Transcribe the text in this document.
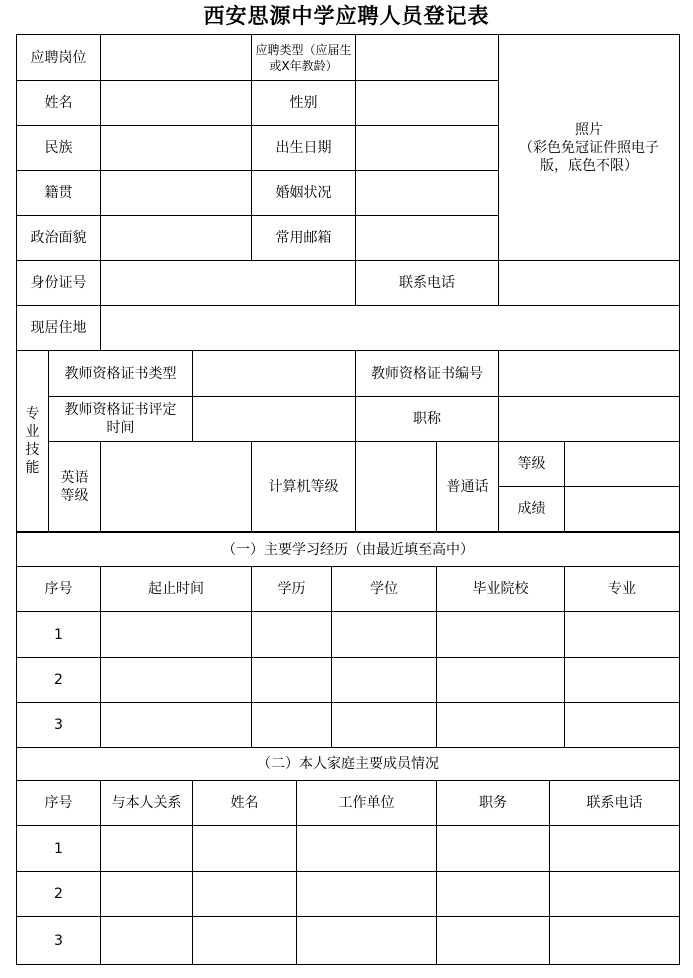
西安思源中学应聘人员登记表
应聘岗位		应聘类型（应届生或X年教龄）		照片
（彩色免冠证件照电子版，底色不限）

姓名		性别		
民族		出生日期		
籍贯		婚姻状况		
政治面貌		常用邮箱		
身份证号			联系电话	
现居住地				
专业技能	教师资格证书类型				教师资格证书编号			
	教师资格证书评定时间				职称			
	英语等级			计算机等级		普通话	等级	
							成绩	
（一）主要学习经历（由最近填至高中）					
序号	起止时间	学历	学位	毕业院校	专业
1					
2					
3					
（二）本人家庭主要成员情况					
序号	与本人关系	姓名	工作单位	职务	联系电话
1					
2					
3					
